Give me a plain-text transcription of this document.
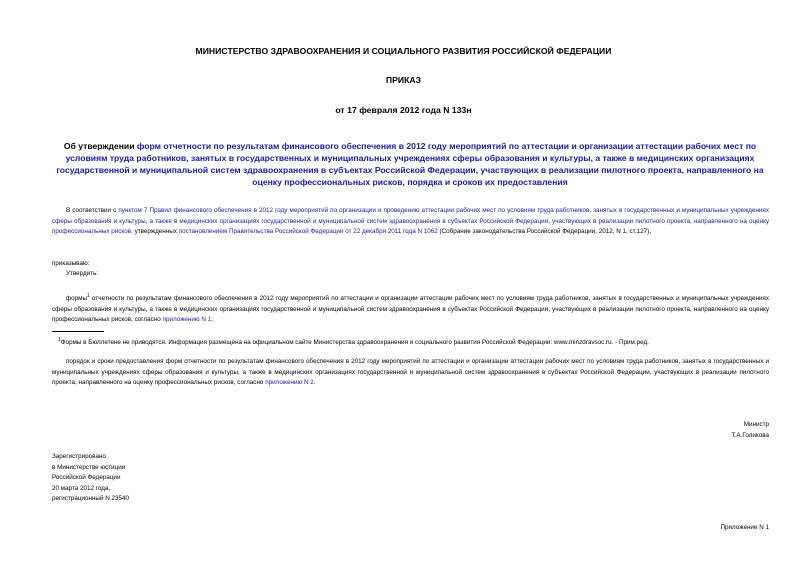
МИНИСТЕРСТВО ЗДРАВООХРАНЕНИЯ И СОЦИАЛЬНОГО РАЗВИТИЯ РОССИЙСКОЙ ФЕДЕРАЦИИ
ПРИКАЗ
от 17 февраля 2012 года N 133н
Об утверждении форм отчетности по результатам финансового обеспечения в 2012 году мероприятий по аттестации и организации аттестации рабочих мест по условиям труда работников, занятых в государственных и муниципальных учреждениях сферы образования и культуры, а также в медицинских организациях государственной и муниципальной систем здравоохранения в субъектах Российской Федерации, участвующих в реализации пилотного проекта, направленного на оценку профессиональных рисков, порядка и сроков их предоставления
В соответствии с пунктом 7 Правил финансового обеспечения в 2012 году мероприятий по организации и проведению аттестации рабочих мест по условиям труда работников, занятых в государственных и муниципальных учреждениях сферы образования и культуры, а также в медицинских организациях государственной и муниципальной систем здравоохранения в субъектах Российской Федерации, участвующих в реализации пилотного проекта, направленного на оценку профессиональных рисков, утвержденных постановлением Правительства Российской Федерации от 22 декабря 2011 года N 1062 (Собрание законодательства Российской Федерации, 2012, N 1, ст.127),
приказываю:
Утвердить:
формы$^1$ отчетности по результатам финансового обеспечения в 2012 году мероприятий по аттестации и организации аттестации рабочих мест по условиям труда работников, занятых в государственных и муниципальных учреждениях сферы образования и культуры, а также в медицинских организациях государственной и муниципальной систем здравоохранения в субъектах Российской Федерации, участвующих в реализации пилотного проекта, направленного на оценку профессиональных рисков, согласно приложению N 1;
$^1$Формы в Бюллетене не приводятся. Информация размещена на официальном сайте Министерства здравоохранения и социального развития Российской Федерации: www.minzdravsoc.ru. - Прим.ред.
порядок и сроки предоставления форм отчетности по результатам финансового обеспечения в 2012 году мероприятий по аттестации и организации аттестации рабочих мест по условиям труда работников, занятых в государственных и муниципальных учреждениях сферы образования и культуры, а также в медицинских организациях государственной и муниципальной систем здравоохранения в субъектах Российской Федерации, участвующих в реализации пилотного проекта, направленного на оценку профессиональных рисков, согласно приложению N 2.
Министр
Т.А.Голикова
Зарегистрировано
в Министерстве юстиции
Российской Федерации
20 марта 2012 года,
регистрационный N 23540
Приложение N 1
